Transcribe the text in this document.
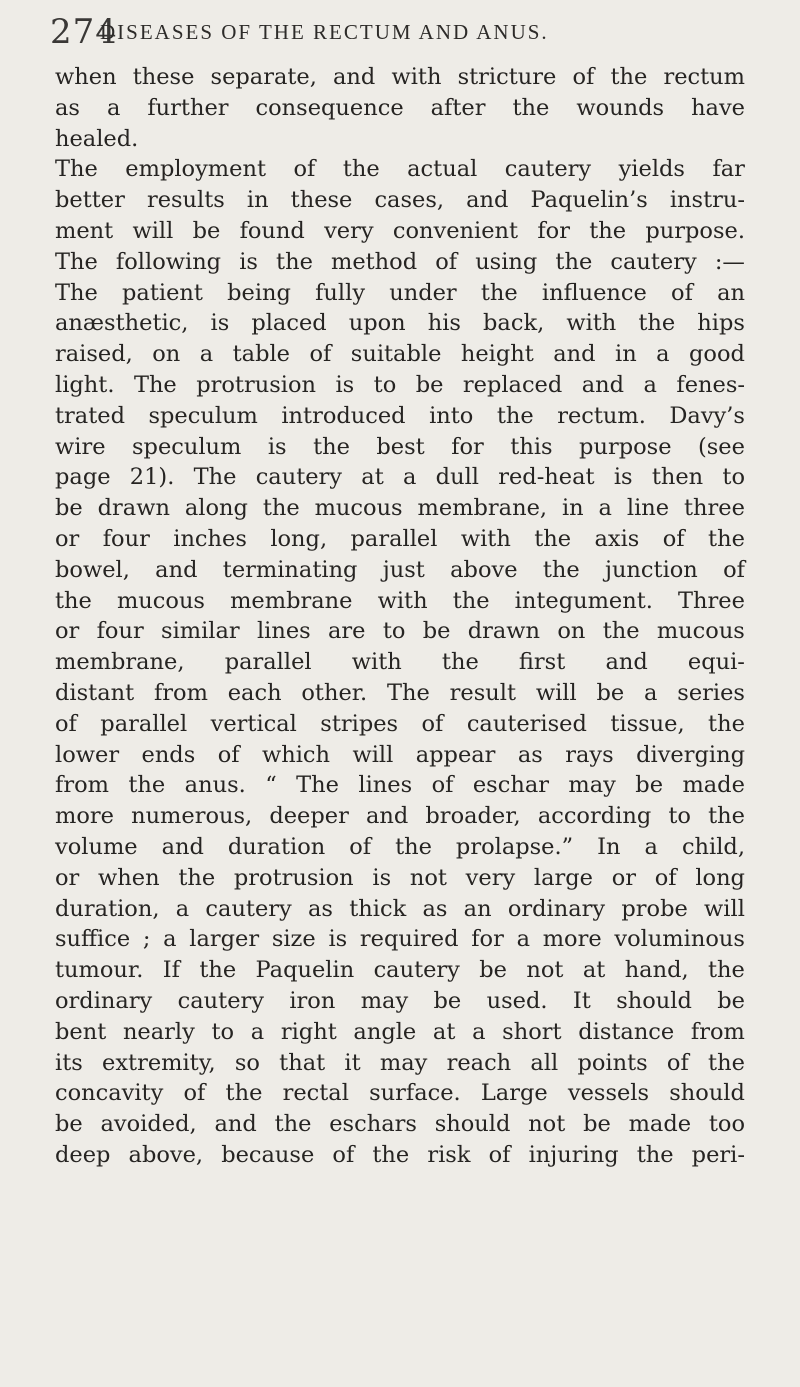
274
DISEASES OF THE RECTUM AND ANUS.
when these separate, and with stricture of the rectum
as a further consequence after the wounds have
healed.
The employment of the actual cautery yields far
better results in these cases, and Paquelin’s instru-
ment will be found very convenient for the purpose.
The following is the method of using the cautery :—
The patient being fully under the influence of an
anæsthetic, is placed upon his back, with the hips
raised, on a table of suitable height and in a good
light. The protrusion is to be replaced and a fenes-
trated speculum introduced into the rectum. Davy’s
wire speculum is the best for this purpose (see
page 21). The cautery at a dull red-heat is then to
be drawn along the mucous membrane, in a line three
or four inches long, parallel with the axis of the
bowel, and terminating just above the junction of
the mucous membrane with the integument. Three
or four similar lines are to be drawn on the mucous
membrane, parallel with the first and equi-
distant from each other. The result will be a series
of parallel vertical stripes of cauterised tissue, the
lower ends of which will appear as rays diverging
from the anus. “ The lines of eschar may be made
more numerous, deeper and broader, according to the
volume and duration of the prolapse.” In a child,
or when the protrusion is not very large or of long
duration, a cautery as thick as an ordinary probe will
suffice ; a larger size is required for a more voluminous
tumour. If the Paquelin cautery be not at hand, the
ordinary cautery iron may be used. It should be
bent nearly to a right angle at a short distance from
its extremity, so that it may reach all points of the
concavity of the rectal surface. Large vessels should
be avoided, and the eschars should not be made too
deep above, because of the risk of injuring the peri-
